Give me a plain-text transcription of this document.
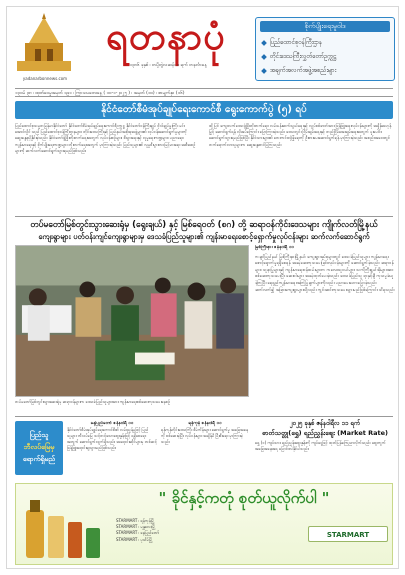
yadanarbonnews.com
ရတနာပုံ
၁၃၈၆ ခုနှစ် ၊ တပို့တွဲလဆန်း ၁ ရက် တနင်္လာနေ့
စိုက်ပျိုးရေးမူဝါဒ
ပြည်ထောင်စုဝန်ကြီးဌာန
တိုင်းဒေသကြီးလွှတ်တော်ဥက္ကဋ္ဌ
အချက်အလက်အဖွဲ့အစည်းများ
၁၃ဝမ် ၃၈ ၊ ထုတ်ဝေမှုအမှတ် ၁၉၁ ၊ ကြာသပတေးနေ့ ( ၁၀-၁-၂၀၂၅ ) ၊ အမှတ် (၁၀) ၊ စာမျက်နှာ (၁၆)
နိုင်ငံတော်စီမံအုပ်ချုပ်ရေးကောင်စီ ရွေးကောက်ပွဲ (၅) ရပ်
ပြည်ထောင်စုသမ္မတမြန်မာနိုင်ငံတော် နိုင်ငံတော်စီမံအုပ်ချုပ်ရေးကောင်စီဥက္ကဋ္ဌ နိုင်ငံတော်ဝန်ကြီးချုပ် ဗိုလ်ချုပ်မှူးကြီး မင်းအောင်လှိုင် သည် ပြည်ထောင်စုဝန်ကြီးဌာနများ၊ တိုင်းဒေသကြီးနှင့် ပြည်နယ်အစိုးရအဖွဲ့များ၏ လုပ်ငန်းဆောင်ရွက်မှုများကို ဆွေးနွေးညှိနှိုင်းခဲ့သည်။ နိုင်ငံတော်ဖွံ့ဖြိုးတိုးတက်ရေးအတွက် လုပ်ငန်းစဉ်များ၊ စီးပွားရေးနှင့် လူမှုရေးကဏ္ဍများ၊ ပညာရေး၊ ကျန်းမာရေးနှင့် စိုက်ပျိုးရေးကဏ္ဍများ တိုးတက်ရေးအတွက် မှာကြားခဲ့သည်။ ပြည်သူများ၏ လူမှုစီးပွားဘဝမြင့်မားရေး အစီအစဉ်များကို ဆက်လက်ဆောင်ရွက်သွားရမည်ဖြစ်သည်။
ထို့ပြင် ကျေးလက်ဒေသဖွံ့ဖြိုးတိုးတက်ရေး၊ လမ်းပန်းဆက်သွယ်ရေးနှင့် လျှပ်စစ်ဓာတ်အား ဖြန့်ဖြူးရေးလုပ်ငန်းများကို အရှိန်အဟုန်မြှင့် ဆောင်ရွက်ရန် လိုအပ်ကြောင်း ပြောကြားခဲ့သည်။ ဒေသတွင်း ငြိမ်းချမ်းရေးနှင့် တည်ငြိမ်အေးချမ်းရေးအတွက် ပူးပေါင်းဆောင်ရွက်သွားရမည်ဖြစ်ပြီး နိုင်ငံသားများ၏ ဘေးကင်းလုံခြုံရေးကို ဦးစားပေးဆောင်ရွက်ရန် မှာကြားခဲ့သည်။ အစည်းအဝေးတွင် တက်ရောက်လာသူများက ဆွေးနွေးတင်ပြကြသည်။
တပ်မတော်မြစ်တွင်းသွားဆေးရုံမှ (ရွေးချယ်) နှင့် မြစ်ရေဝတ် (စဂ) တို့ ဆရာဝန်ကိုင်းဒေသများ ကျိုက်လတ်မြို့နယ်
ကျေးရွာများ ပတ်ဝန်းကျင်ကျေးရွာများမှ ဒေသခံပြည်သူများ၏ ကျန်းမာရေးစောင့်ရှောက်မှုလုပ်ငန်းများ ဆက်လက်ဆောင်ရွက်
တပ်မတော်မြစ်တွင်းသွားဆေးရုံမှ ဆရာဝန်များက ဒေသခံပြည်သူများအား ကျန်းမာရေးစစ်ဆေးကုသပေးနေစဉ်
မြစ်ကြီးနား ဇန်နဝါရီ ၁၁
ကချင်ပြည်နယ် မြစ်ကြီးနားမြို့နယ်၊ ကျေးရွာအုပ်စုများတွင် ဒေသခံပြည်သူများ ကျန်းမာရေးစောင့်ရှောက်မှုရရှိစေရန် အခမဲ့ဆေးကုသပေးခြင်းလုပ်ငန်းများကို ဆောင်ရွက်ခဲ့သည်။ ဆရာဝန်များ၊ သူနာပြုများနှင့် ကျန်းမာရေးဝန်ထမ်းများက ကလေးသူငယ်များ၊ သက်ကြီးရွယ်အိုများအား စစ်ဆေးကုသပေးပြီး ဆေးဝါးများ အခမဲ့ထုတ်ပေးခဲ့သည်။ ဒေသခံပြည်သူ ရာနှင့်ချီ ကုသမှုခံယူခဲ့ကြပြီး ရေရှည်ကျန်းမာရေးအကြံပြုချက်များကိုလည်း ပညာပေးဟောပြောခဲ့သည်။ ဆက်လက်၍ အခြားကျေးရွာများသို့လည်း ကွင်းဆင်းကုသပေးသွားမည်ဖြစ်ကြောင်း သိရသည်။
ပြည်သူ
ဘီလပ်မြေမှ
ရောက်ရှိမည်
နေပြည်တော် ဇန်နဝါရီ ၁၁
နိုင်ငံတော်စီမံအုပ်ချုပ်ရေးကောင်စီ၏ လမ်းညွှန်မှုဖြင့် ပြည်သူများ ဘီလပ်မြေ သင့်တင့်သောဈေးနှုန်းဖြင့် ရရှိစေရေးအတွက် ဆောင်ရွက်လျက်ရှိသည်။ အရောင်းဆိုင်များမှ တစ်ဆင့် ဖြန့်ဖြူးရောင်းချသွားမည်ဖြစ်သည်။
ရန်ကုန် ဇန်နဝါရီ ၁၁
ရန်ကုန်တိုင်းဒေသကြီး စီမံကိန်းများ ဆောင်ရွက်မှု အခြေအနေကို စစ်ဆေးခဲ့ပြီး လုပ်ငန်းများ အချိန်မီ ပြီးစီးရေး မှာကြားခဲ့သည်။
၂၀၂၅ ခုနှစ် ဇန်နဝါရီလ ၁၁ ရက်
ဓာတ်သတ္တု(ရွှေ) ရည်ညွှန်းဈေး (Market Rate)
ရွှေ (၁) ကျပ်သား ရည်ညွှန်းဈေးနှုန်းကို ကျပ်ငွေဖြင့် ထုတ်ပြန်ကြေညာလိုက်သည်။ ဈေးကွက်အခြေအနေအရ ပြောင်းလဲနိုင်ပါသည်။
" ခိုင်နှင့်ကတုံ စုတ်ယူလိုက်ပါ "
STARMART ၊ ရန်ကုန်မြို့
STARMART ၊ မန္တလေးမြို့
STARMART ၊ နေပြည်တော်
STARMART ၊ ပုသိမ်မြို့
STARMART
